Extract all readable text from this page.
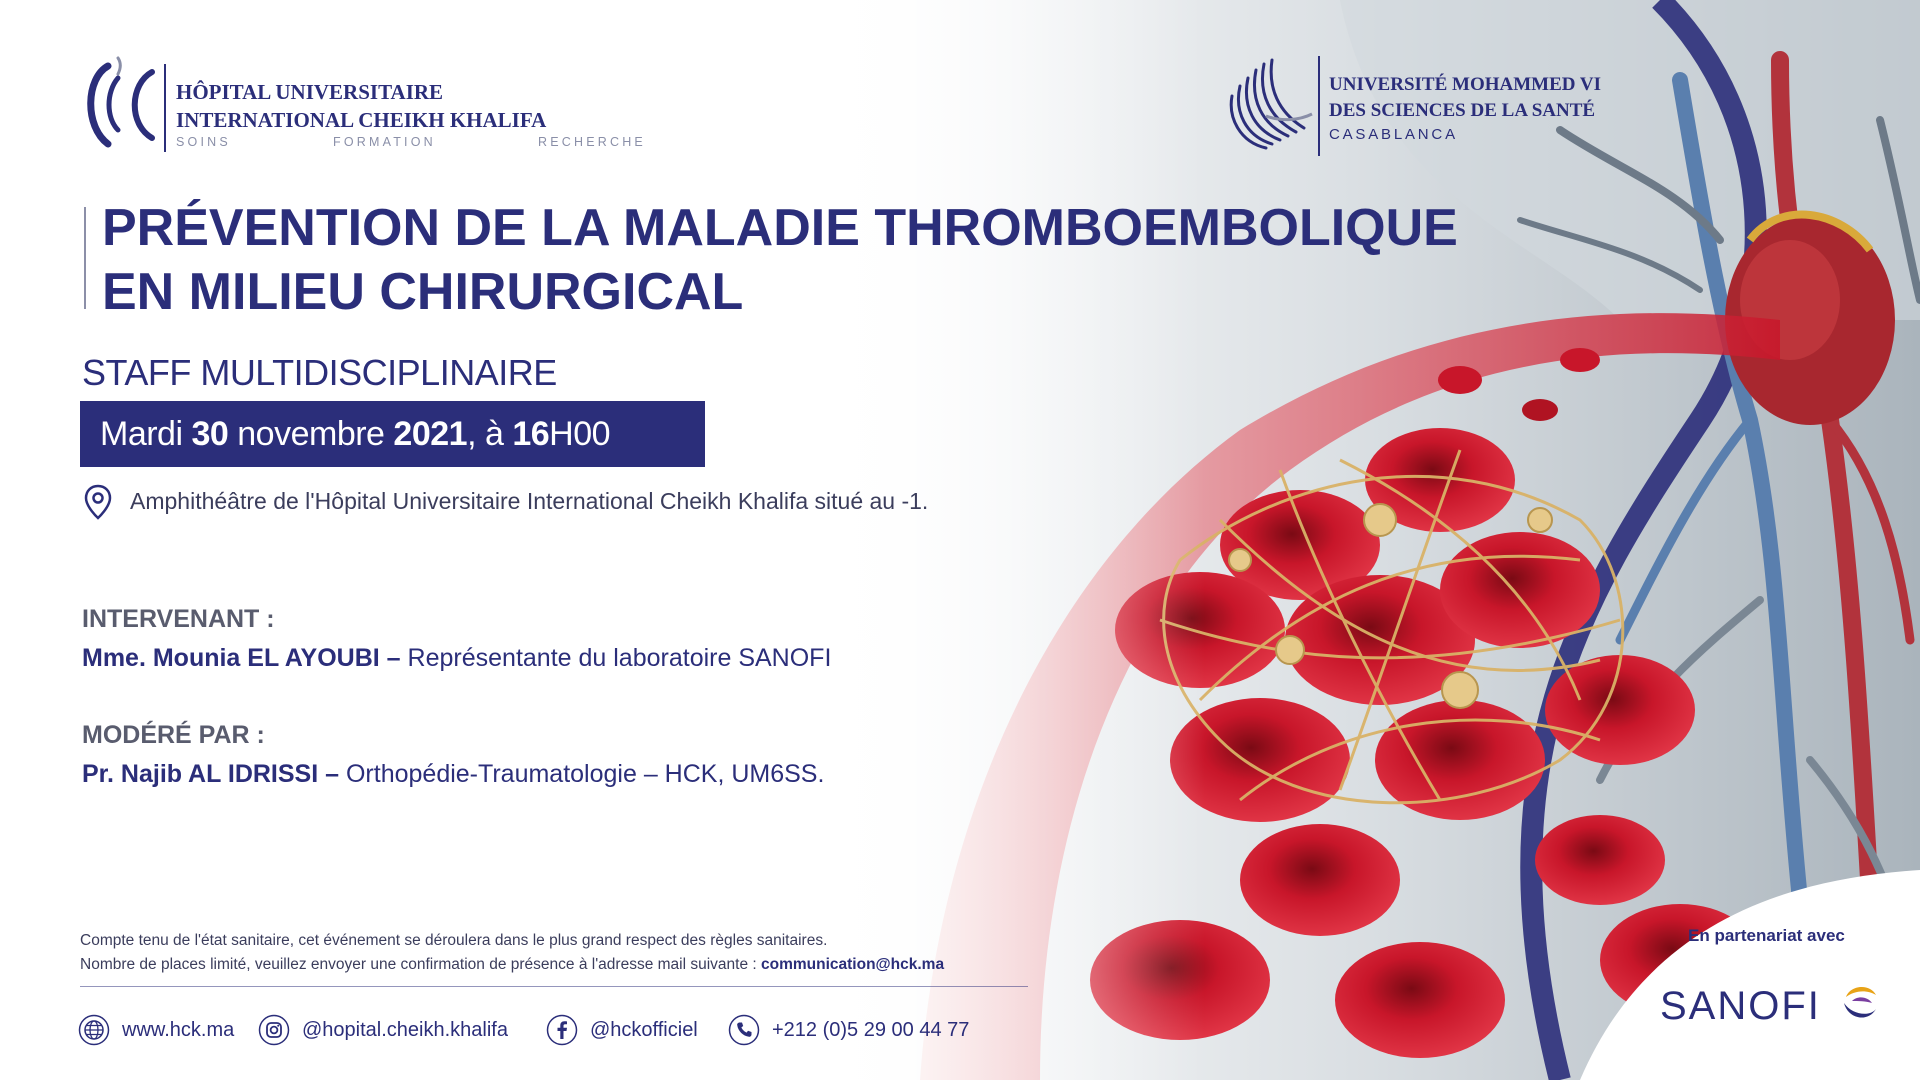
HÔPITAL UNIVERSITAIRE
INTERNATIONAL CHEIKH KHALIFA
SOINS	FORMATION	RECHERCHE
UNIVERSITÉ MOHAMMED VI
DES SCIENCES DE LA SANTÉ
CASABLANCA
PRÉVENTION DE LA MALADIE THROMBOEMBOLIQUE
EN MILIEU CHIRURGICAL
STAFF MULTIDISCIPLINAIRE
Mardi 30 novembre 2021, à 16H00
Amphithéâtre de l'Hôpital Universitaire International Cheikh Khalifa situé au -1.
INTERVENANT :
Mme. Mounia EL AYOUBI – Représentante du laboratoire SANOFI
MODÉRÉ PAR :
Pr. Najib AL IDRISSI – Orthopédie-Traumatologie – HCK, UM6SS.
Compte tenu de l'état sanitaire, cet événement se déroulera dans le plus grand respect des règles sanitaires.
Nombre de places limité, veuillez envoyer une confirmation de présence à l'adresse mail suivante : communication@hck.ma
www.hck.ma	@hopital.cheikh.khalifa	@hckofficiel	+212 (0)5 29 00 44 77
En partenariat avec
SANOFI
